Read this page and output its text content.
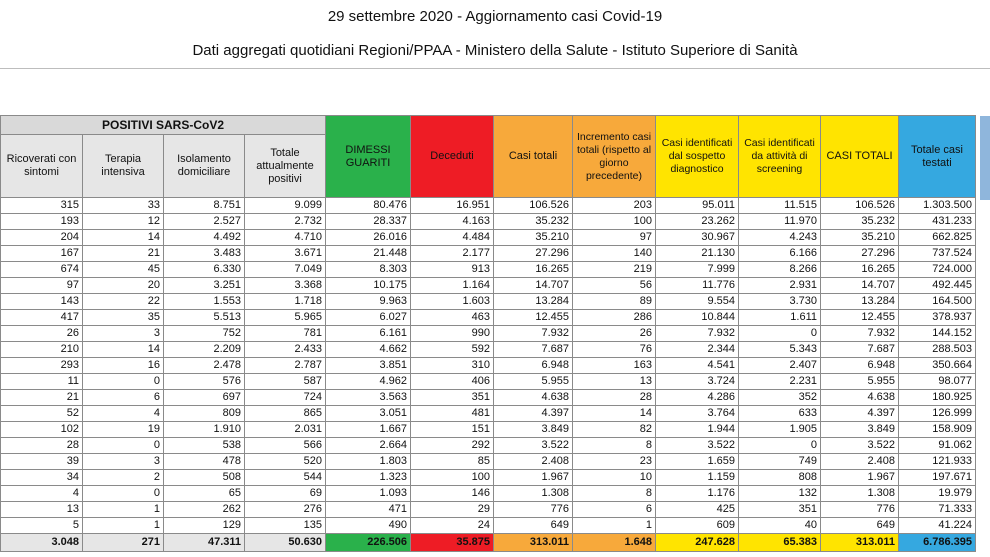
29 settembre 2020 - Aggiornamento casi Covid-19
Dati aggregati quotidiani Regioni/PPAA - Ministero della Salute - Istituto Superiore di Sanità
POSITIVI SARS-CoV2				DIMESSI GUARITI	Deceduti	Casi totali	Incremento casi totali (rispetto al giorno precedente)	Casi identificati dal sospetto diagnostico	Casi identificati da attività di screening	CASI TOTALI	Totale casi testati
Ricoverati con sintomi	Terapia intensiva	Isolamento domiciliare	Totale attualmente positivi								
315	33	8.751	9.099	80.476	16.951	106.526	203	95.011	11.515	106.526	1.303.500
193	12	2.527	2.732	28.337	4.163	35.232	100	23.262	11.970	35.232	431.233
204	14	4.492	4.710	26.016	4.484	35.210	97	30.967	4.243	35.210	662.825
167	21	3.483	3.671	21.448	2.177	27.296	140	21.130	6.166	27.296	737.524
674	45	6.330	7.049	8.303	913	16.265	219	7.999	8.266	16.265	724.000
97	20	3.251	3.368	10.175	1.164	14.707	56	11.776	2.931	14.707	492.445
143	22	1.553	1.718	9.963	1.603	13.284	89	9.554	3.730	13.284	164.500
417	35	5.513	5.965	6.027	463	12.455	286	10.844	1.611	12.455	378.937
26	3	752	781	6.161	990	7.932	26	7.932	0	7.932	144.152
210	14	2.209	2.433	4.662	592	7.687	76	2.344	5.343	7.687	288.503
293	16	2.478	2.787	3.851	310	6.948	163	4.541	2.407	6.948	350.664
11	0	576	587	4.962	406	5.955	13	3.724	2.231	5.955	98.077
21	6	697	724	3.563	351	4.638	28	4.286	352	4.638	180.925
52	4	809	865	3.051	481	4.397	14	3.764	633	4.397	126.999
102	19	1.910	2.031	1.667	151	3.849	82	1.944	1.905	3.849	158.909
28	0	538	566	2.664	292	3.522	8	3.522	0	3.522	91.062
39	3	478	520	1.803	85	2.408	23	1.659	749	2.408	121.933
34	2	508	544	1.323	100	1.967	10	1.159	808	1.967	197.671
4	0	65	69	1.093	146	1.308	8	1.176	132	1.308	19.979
13	1	262	276	471	29	776	6	425	351	776	71.333
5	1	129	135	490	24	649	1	609	40	649	41.224
3.048	271	47.311	50.630	226.506	35.875	313.011	1.648	247.628	65.383	313.011	6.786.395
